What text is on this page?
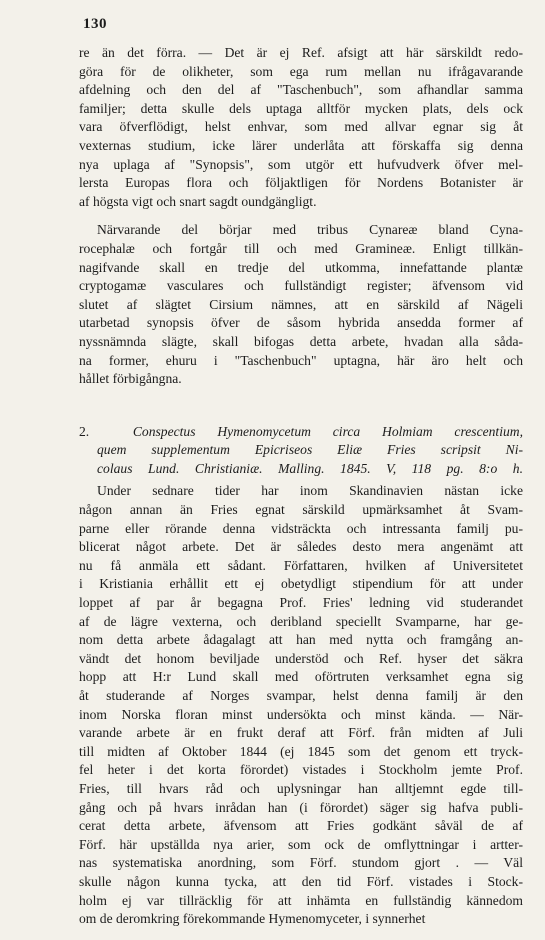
130
re än det förra. — Det är ej Ref. afsigt att här särskildt redo-
göra för de olikheter, som ega rum mellan nu ifrågavarande
afdelning och den del af "Taschenbuch", som afhandlar samma
familjer; detta skulle dels uptaga alltför mycken plats, dels ock
vara öfverflödigt, helst enhvar, som med allvar egnar sig åt
vexternas studium, icke lärer underlåta att förskaffa sig denna
nya uplaga af "Synopsis", som utgör ett hufvudverk öfver mel-
lersta Europas flora och följaktligen för Nordens Botanister är
af högsta vigt och snart sagdt oundgängligt.
Närvarande del börjar med tribus Cynareæ bland Cyna-
rocephalæ och fortgår till och med Gramineæ. Enligt tillkän-
nagifvande skall en tredje del utkomma, innefattande plantæ
cryptogamæ vasculares och fullständigt register; äfvensom vid
slutet af slägtet Cirsium nämnes, att en särskild af Nägeli
utarbetad synopsis öfver de såsom hybrida ansedda former af
nyssnämnda slägte, skall bifogas detta arbete, hvadan alla såda-
na former, ehuru i "Taschenbuch" uptagna, här äro helt och
hållet förbigångna.
2.	Conspectus Hymenomycetum circa Holmiam crescentium,
quem supplementum Epicriseos Eliæ Fries scripsit Ni-
colaus Lund. Christianiæ. Malling. 1845. V, 118 pg. 8:o h.
Under sednare tider har inom Skandinavien nästan icke
någon annan än Fries egnat särskild upmärksamhet åt Svam-
parne eller rörande denna vidsträckta och intressanta familj pu-
blicerat något arbete. Det är således desto mera angenämt att
nu få anmäla ett sådant. Författaren, hvilken af Universitetet
i Kristiania erhållit ett ej obetydligt stipendium för att under
loppet af par år begagna Prof. Fries' ledning vid studerandet
af de lägre vexterna, och deribland speciellt Svamparne, har ge-
nom detta arbete ådagalagt att han med nytta och framgång an-
vändt det honom beviljade understöd och Ref. hyser det säkra
hopp att H:r Lund skall med oförtruten verksamhet egna sig
åt studerande af Norges svampar, helst denna familj är den
inom Norska floran minst undersökta och minst kända. — När-
varande arbete är en frukt deraf att Förf. från midten af Juli
till midten af Oktober 1844 (ej 1845 som det genom ett tryck-
fel heter i det korta förordet) vistades i Stockholm jemte Prof.
Fries, till hvars råd och uplysningar han alltjemnt egde till-
gång och på hvars inrådan han (i förordet) säger sig hafva publi-
cerat detta arbete, äfvensom att Fries godkänt såväl de af
Förf. här upställda nya arier, som ock de omflyttningar i artter-
nas systematiska anordning, som Förf. stundom gjort . — Väl
skulle någon kunna tycka, att den tid Förf. vistades i Stock-
holm ej var tillräcklig för att inhämta en fullständig kännedom
om de deromkring förekommande Hymenomyceter, i synnerhet
